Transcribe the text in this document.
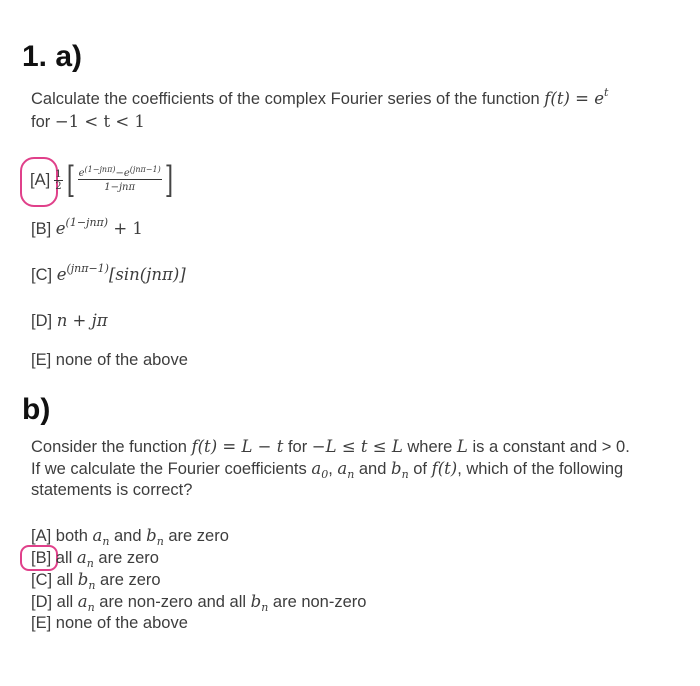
1. a)
Calculate the coefficients of the complex Fourier series of the function $f(t) = e^t$
for −1 < t < 1
$[A] \frac{1}{2}$ [ $\frac{e^{(1-jn\pi)}-e^{(jn\pi-1)}}{\text{1−jnπ}}$ ]
[B] $e^{(1-jn\pi)} + 1$
[C] $e^{(jn\pi-1)}[\sin(jn\pi)]$
[D] n + jπ
[E] none of the above
b)
Consider the function f(t) = L − t for −L ≤ t ≤ L where L is a constant and > 0.
If we calculate the Fourier coefficients $a_0$, $a_n$ and $b_n$ of f(t), which of the following
statements is correct?
[A] both $a_n$ and $b_n$ are zero
[B] all $a_n$ are zero
[C] all $b_n$ are zero
[D] all $a_n$ are non-zero and all $b_n$ are non-zero
[E] none of the above
